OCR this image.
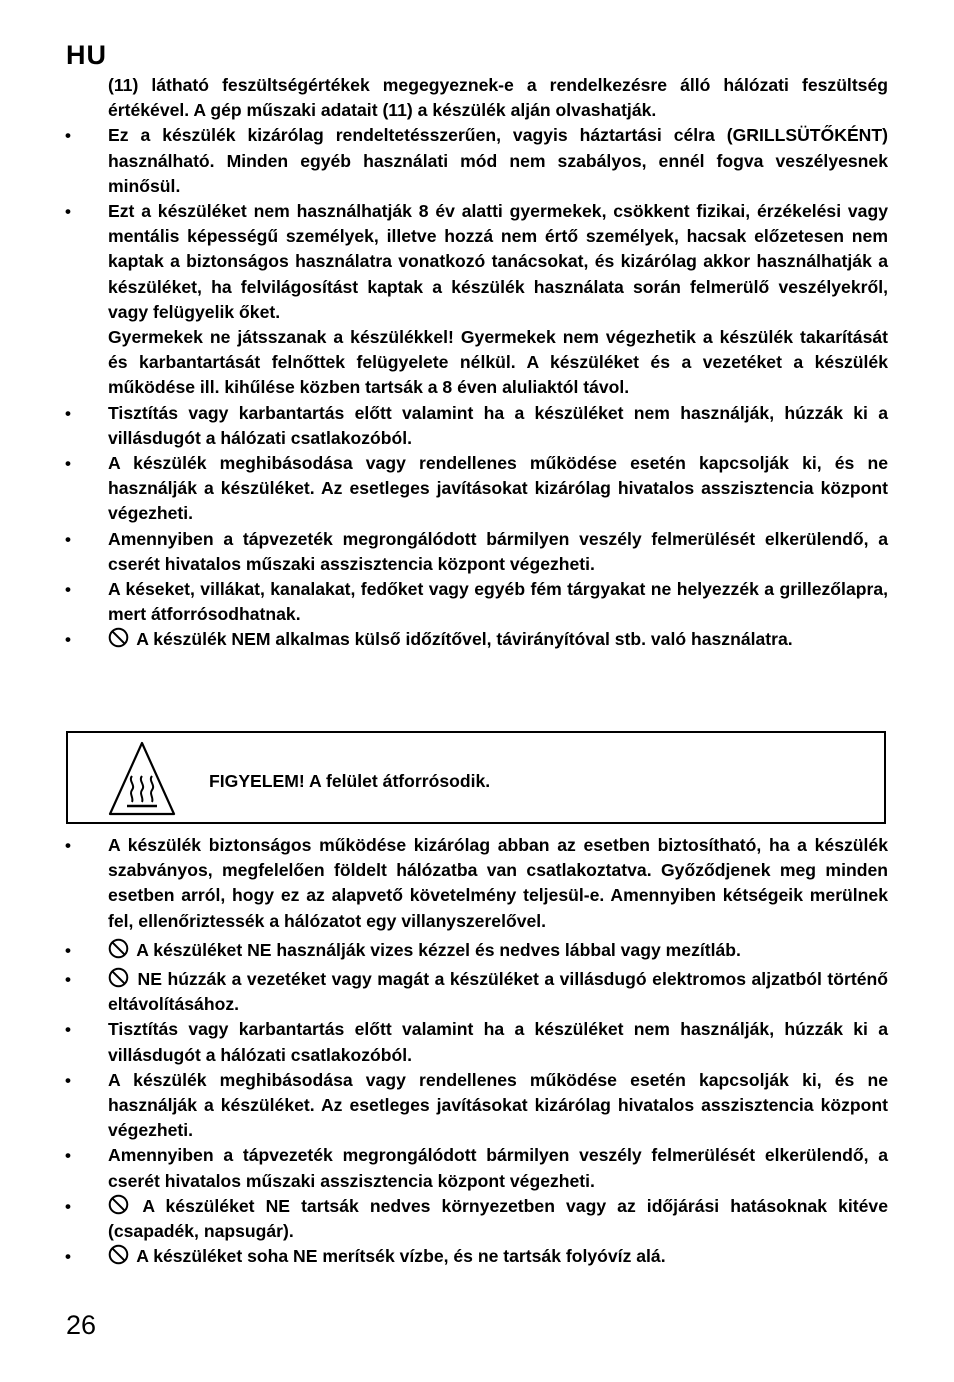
HU

(11) látható feszültségértékek megegyeznek-e a rendelkezésre álló hálózati feszültség értékével. A gép műszaki adatait (11) a készülék alján olvashatják.

• Ez a készülék kizárólag rendeltetésszerűen, vagyis háztartási célra (GRILLSÜTŐKÉNT) használható. Minden egyéb használati mód nem szabályos, ennél fogva veszélyesnek minősül.
• Ezt a készüléket nem használhatják 8 év alatti gyermekek, csökkent fizikai, érzékelési vagy mentális képességű személyek, illetve hozzá nem értő személyek, hacsak előzetesen nem kaptak a biztonságos használatra vonatkozó tanácsokat, és kizárólag akkor használhatják a készüléket, ha felvilágosítást kaptak a készülék használata során felmerülő veszélyekről, vagy felügyelik őket.

Gyermekek ne játsszanak a készülékkel! Gyermekek nem végezhetik a készülék takarítását és karbantartását felnőttek felügyelete nélkül. A készüléket és a vezetéket a készülék működése ill. kihűlése közben tartsák a 8 éven aluliaktól távol.

• Tisztítás vagy karbantartás előtt valamint ha a készüléket nem használják, húzzák ki a villásdugót a hálózati csatlakozóból.
• A készülék meghibásodása vagy rendellenes működése esetén kapcsolják ki, és ne használják a készüléket. Az esetleges javításokat kizárólag hivatalos asszisztencia központ végezheti.
• Amennyiben a tápvezeték megrongálódott bármilyen veszély felmerülését elkerülendő, a cserét hivatalos műszaki asszisztencia központ végezheti.
• A késeket, villákat, kanalakat, fedőket vagy egyéb fém tárgyakat ne helyezzék a grillezőlapra, mert átforrósodhatnak.
•	A készülék NEM alkalmas külső időzítővel, távirányítóval stb. való használatra.
FIGYELEM! A felület átforrósodik.
• A készülék biztonságos működése kizárólag abban az esetben biztosítható, ha a készülék szabványos, megfelelően földelt hálózatba van csatlakoztatva. Győződjenek meg minden esetben arról, hogy ez az alapvető követelmény teljesül-e. Amennyiben kétségeik merülnek fel, ellenőriztessék a hálózatot egy villanyszerelővel.
•	A készüléket NE használják vizes kézzel és nedves lábbal vagy mezítláb.
•	NE húzzák a vezetéket vagy magát a készüléket a villásdugó elektromos aljzatból történő eltávolításához.
• Tisztítás vagy karbantartás előtt valamint ha a készüléket nem használják, húzzák ki a villásdugót a hálózati csatlakozóból.
• A készülék meghibásodása vagy rendellenes működése esetén kapcsolják ki, és ne használják a készüléket. Az esetleges javításokat kizárólag hivatalos asszisztencia központ végezheti.
• Amennyiben a tápvezeték megrongálódott bármilyen veszély felmerülését elkerülendő, a cserét hivatalos műszaki asszisztencia központ végezheti.
•	A készüléket NE tartsák nedves környezetben vagy az időjárási hatásoknak kitéve (csapadék, napsugár).
•	A készüléket soha NE merítsék vízbe, és ne tartsák folyóvíz alá.
26
